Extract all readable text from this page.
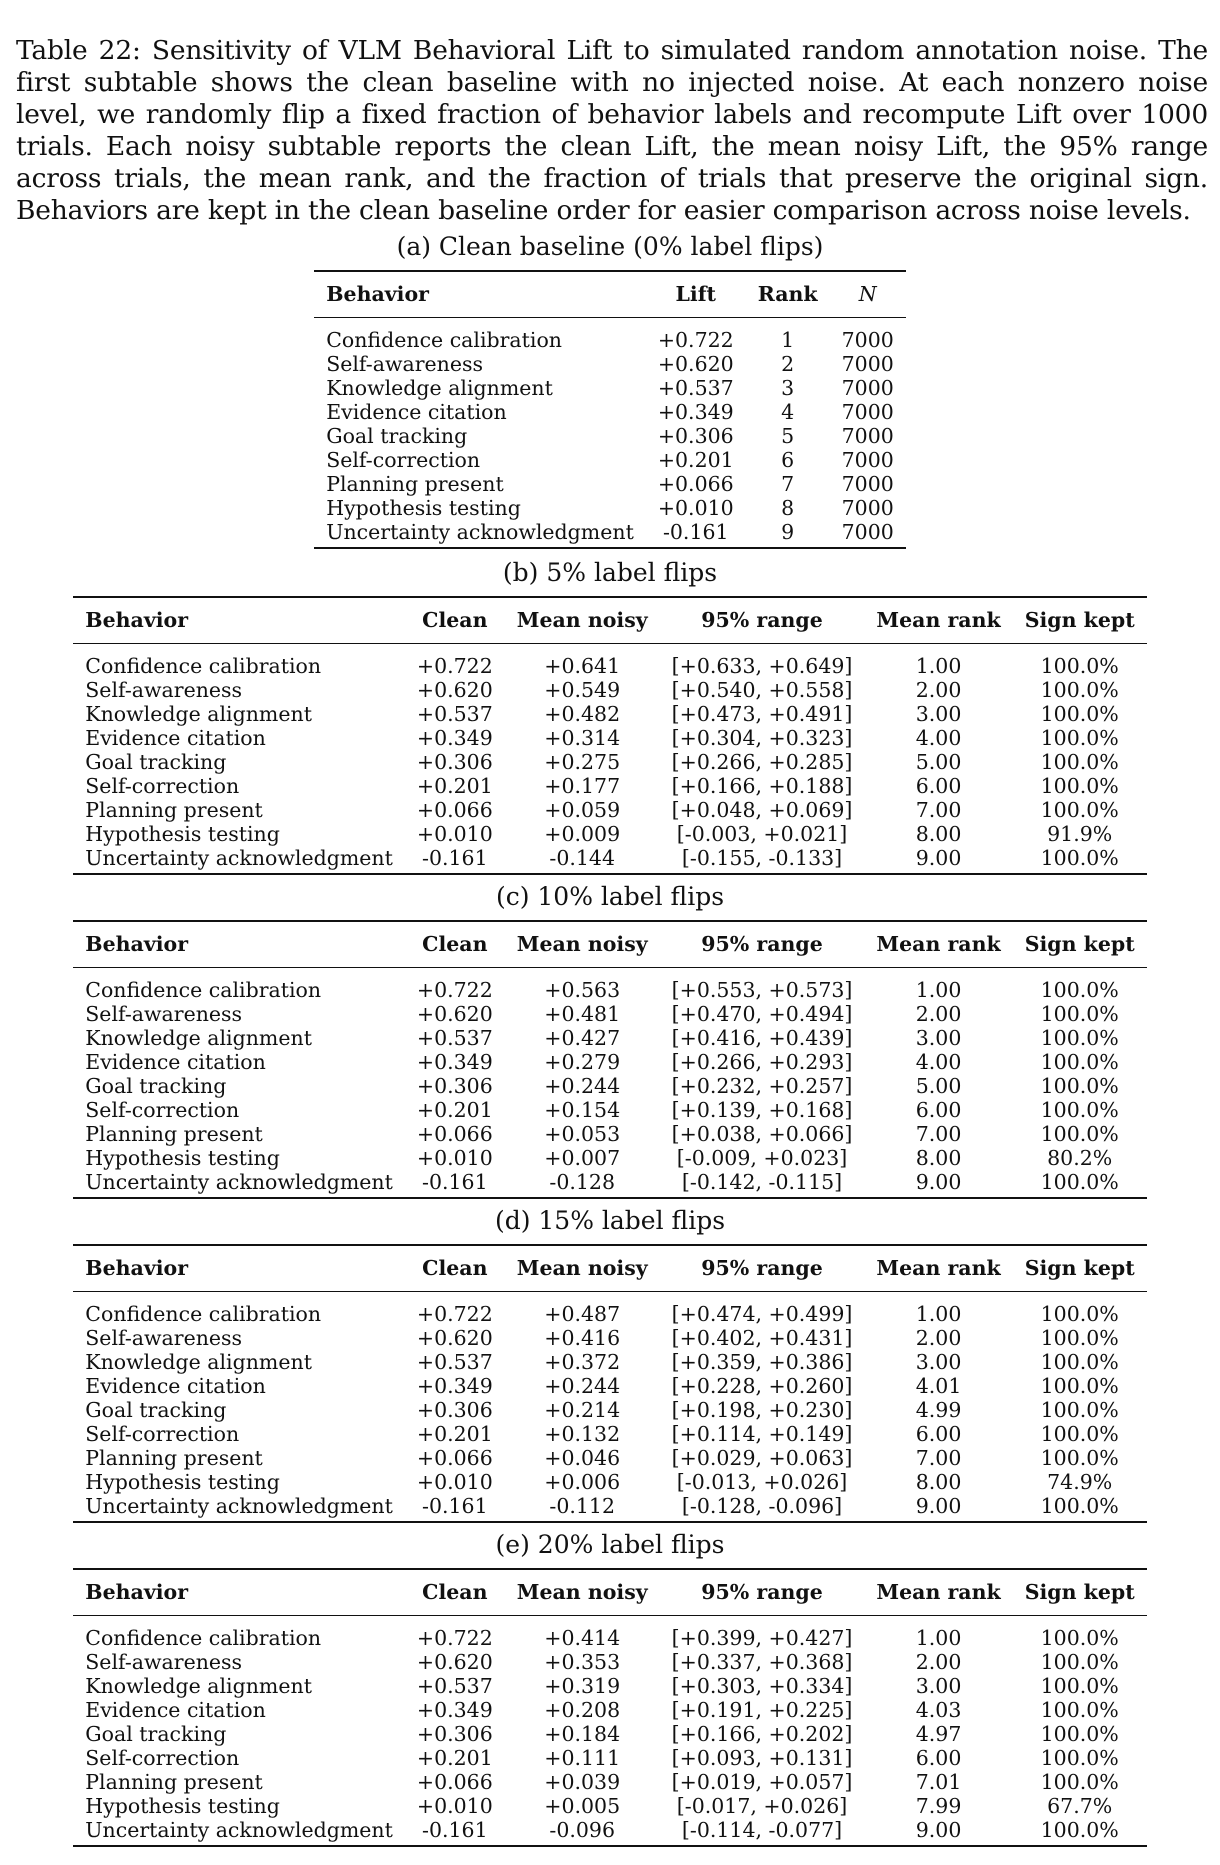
Table 22: Sensitivity of VLM Behavioral Lift to simulated random annotation noise. The first subtable shows the clean baseline with no injected noise. At each nonzero noise level, we randomly flip a fixed fraction of behavior labels and recompute Lift over 1000 trials. Each noisy subtable reports the clean Lift, the mean noisy Lift, the 95% range across trials, the mean rank, and the fraction of trials that preserve the original sign. Behaviors are kept in the clean baseline order for easier comparison across noise levels.

(a) Clean baseline (0% label flips)
Behavior	Lift	Rank	N
Confidence calibration	+0.722	1	7000
Self-awareness	+0.620	2	7000
Knowledge alignment	+0.537	3	7000
Evidence citation	+0.349	4	7000
Goal tracking	+0.306	5	7000
Self-correction	+0.201	6	7000
Planning present	+0.066	7	7000
Hypothesis testing	+0.010	8	7000
Uncertainty acknowledgment	-0.161	9	7000
(b) 5% label flips
Behavior	Clean	Mean noisy	95% range	Mean rank	Sign kept
Confidence calibration	+0.722	+0.641	[+0.633, +0.649]	1.00	100.0%
Self-awareness	+0.620	+0.549	[+0.540, +0.558]	2.00	100.0%
Knowledge alignment	+0.537	+0.482	[+0.473, +0.491]	3.00	100.0%
Evidence citation	+0.349	+0.314	[+0.304, +0.323]	4.00	100.0%
Goal tracking	+0.306	+0.275	[+0.266, +0.285]	5.00	100.0%
Self-correction	+0.201	+0.177	[+0.166, +0.188]	6.00	100.0%
Planning present	+0.066	+0.059	[+0.048, +0.069]	7.00	100.0%
Hypothesis testing	+0.010	+0.009	[-0.003, +0.021]	8.00	91.9%
Uncertainty acknowledgment	-0.161	-0.144	[-0.155, -0.133]	9.00	100.0%
(c) 10% label flips
Behavior	Clean	Mean noisy	95% range	Mean rank	Sign kept
Confidence calibration	+0.722	+0.563	[+0.553, +0.573]	1.00	100.0%
Self-awareness	+0.620	+0.481	[+0.470, +0.494]	2.00	100.0%
Knowledge alignment	+0.537	+0.427	[+0.416, +0.439]	3.00	100.0%
Evidence citation	+0.349	+0.279	[+0.266, +0.293]	4.00	100.0%
Goal tracking	+0.306	+0.244	[+0.232, +0.257]	5.00	100.0%
Self-correction	+0.201	+0.154	[+0.139, +0.168]	6.00	100.0%
Planning present	+0.066	+0.053	[+0.038, +0.066]	7.00	100.0%
Hypothesis testing	+0.010	+0.007	[-0.009, +0.023]	8.00	80.2%
Uncertainty acknowledgment	-0.161	-0.128	[-0.142, -0.115]	9.00	100.0%
(d) 15% label flips
Behavior	Clean	Mean noisy	95% range	Mean rank	Sign kept
Confidence calibration	+0.722	+0.487	[+0.474, +0.499]	1.00	100.0%
Self-awareness	+0.620	+0.416	[+0.402, +0.431]	2.00	100.0%
Knowledge alignment	+0.537	+0.372	[+0.359, +0.386]	3.00	100.0%
Evidence citation	+0.349	+0.244	[+0.228, +0.260]	4.01	100.0%
Goal tracking	+0.306	+0.214	[+0.198, +0.230]	4.99	100.0%
Self-correction	+0.201	+0.132	[+0.114, +0.149]	6.00	100.0%
Planning present	+0.066	+0.046	[+0.029, +0.063]	7.00	100.0%
Hypothesis testing	+0.010	+0.006	[-0.013, +0.026]	8.00	74.9%
Uncertainty acknowledgment	-0.161	-0.112	[-0.128, -0.096]	9.00	100.0%
(e) 20% label flips
Behavior	Clean	Mean noisy	95% range	Mean rank	Sign kept
Confidence calibration	+0.722	+0.414	[+0.399, +0.427]	1.00	100.0%
Self-awareness	+0.620	+0.353	[+0.337, +0.368]	2.00	100.0%
Knowledge alignment	+0.537	+0.319	[+0.303, +0.334]	3.00	100.0%
Evidence citation	+0.349	+0.208	[+0.191, +0.225]	4.03	100.0%
Goal tracking	+0.306	+0.184	[+0.166, +0.202]	4.97	100.0%
Self-correction	+0.201	+0.111	[+0.093, +0.131]	6.00	100.0%
Planning present	+0.066	+0.039	[+0.019, +0.057]	7.01	100.0%
Hypothesis testing	+0.010	+0.005	[-0.017, +0.026]	7.99	67.7%
Uncertainty acknowledgment	-0.161	-0.096	[-0.114, -0.077]	9.00	100.0%
